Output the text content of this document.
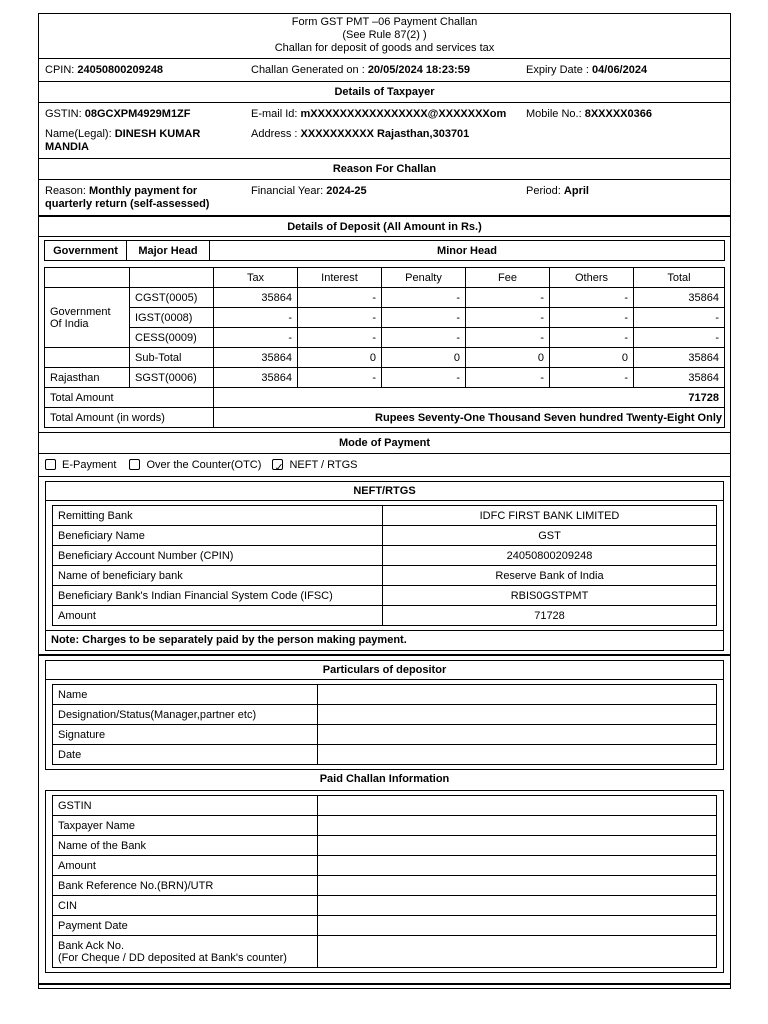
Form GST PMT –06 Payment Challan
(See Rule 87(2) )
Challan for deposit of goods and services tax
CPIN: 24050800209248	Challan Generated on : 20/05/2024 18:23:59	Expiry Date : 04/06/2024
Details of Taxpayer
GSTIN: 08GCXPM4929M1ZF
Name(Legal): DINESH KUMAR MANDIA
E-mail Id: mXXXXXXXXXXXXXXXX@XXXXXXXom
Address : XXXXXXXXXX Rajasthan,303701
Mobile No.: 8XXXXX0366
Reason For Challan
Reason: Monthly payment for quarterly return (self-assessed)
Financial Year: 2024-25	Period: April
Details of Deposit (All Amount in Rs.)
Government	Major Head	Minor Head
		Tax	Interest	Penalty	Fee	Others	Total
Government Of India	CGST(0005)	35864	-	-	-	-	35864
	IGST(0008)	-	-	-	-	-	-
	CESS(0009)	-	-	-	-	-	-
	Sub-Total	35864	0	0	0	0	35864
Rajasthan	SGST(0006)	35864	-	-	-	-	35864
Total Amount		71728					
Total Amount (in words)		Rupees Seventy-One Thousand Seven hundred Twenty-Eight Only					
Mode of Payment
E-Payment	Over the Counter(OTC) ✓	NEFT / RTGS
NEFT/RTGS
Remitting Bank	IDFC FIRST BANK LIMITED
Beneficiary Name	GST
Beneficiary Account Number (CPIN)	24050800209248
Name of beneficiary bank	Reserve Bank of India
Beneficiary Bank's Indian Financial System Code (IFSC)	RBIS0GSTPMT
Amount	71728
Note: Charges to be separately paid by the person making payment.
Particulars of depositor
Name	
Designation/Status(Manager,partner etc)	
Signature	
Date	
Paid Challan Information
GSTIN	
Taxpayer Name	
Name of the Bank	
Amount	
Bank Reference No.(BRN)/UTR	
CIN	
Payment Date	

Bank Ack No.
(For Cheque / DD deposited at Bank's counter)	
